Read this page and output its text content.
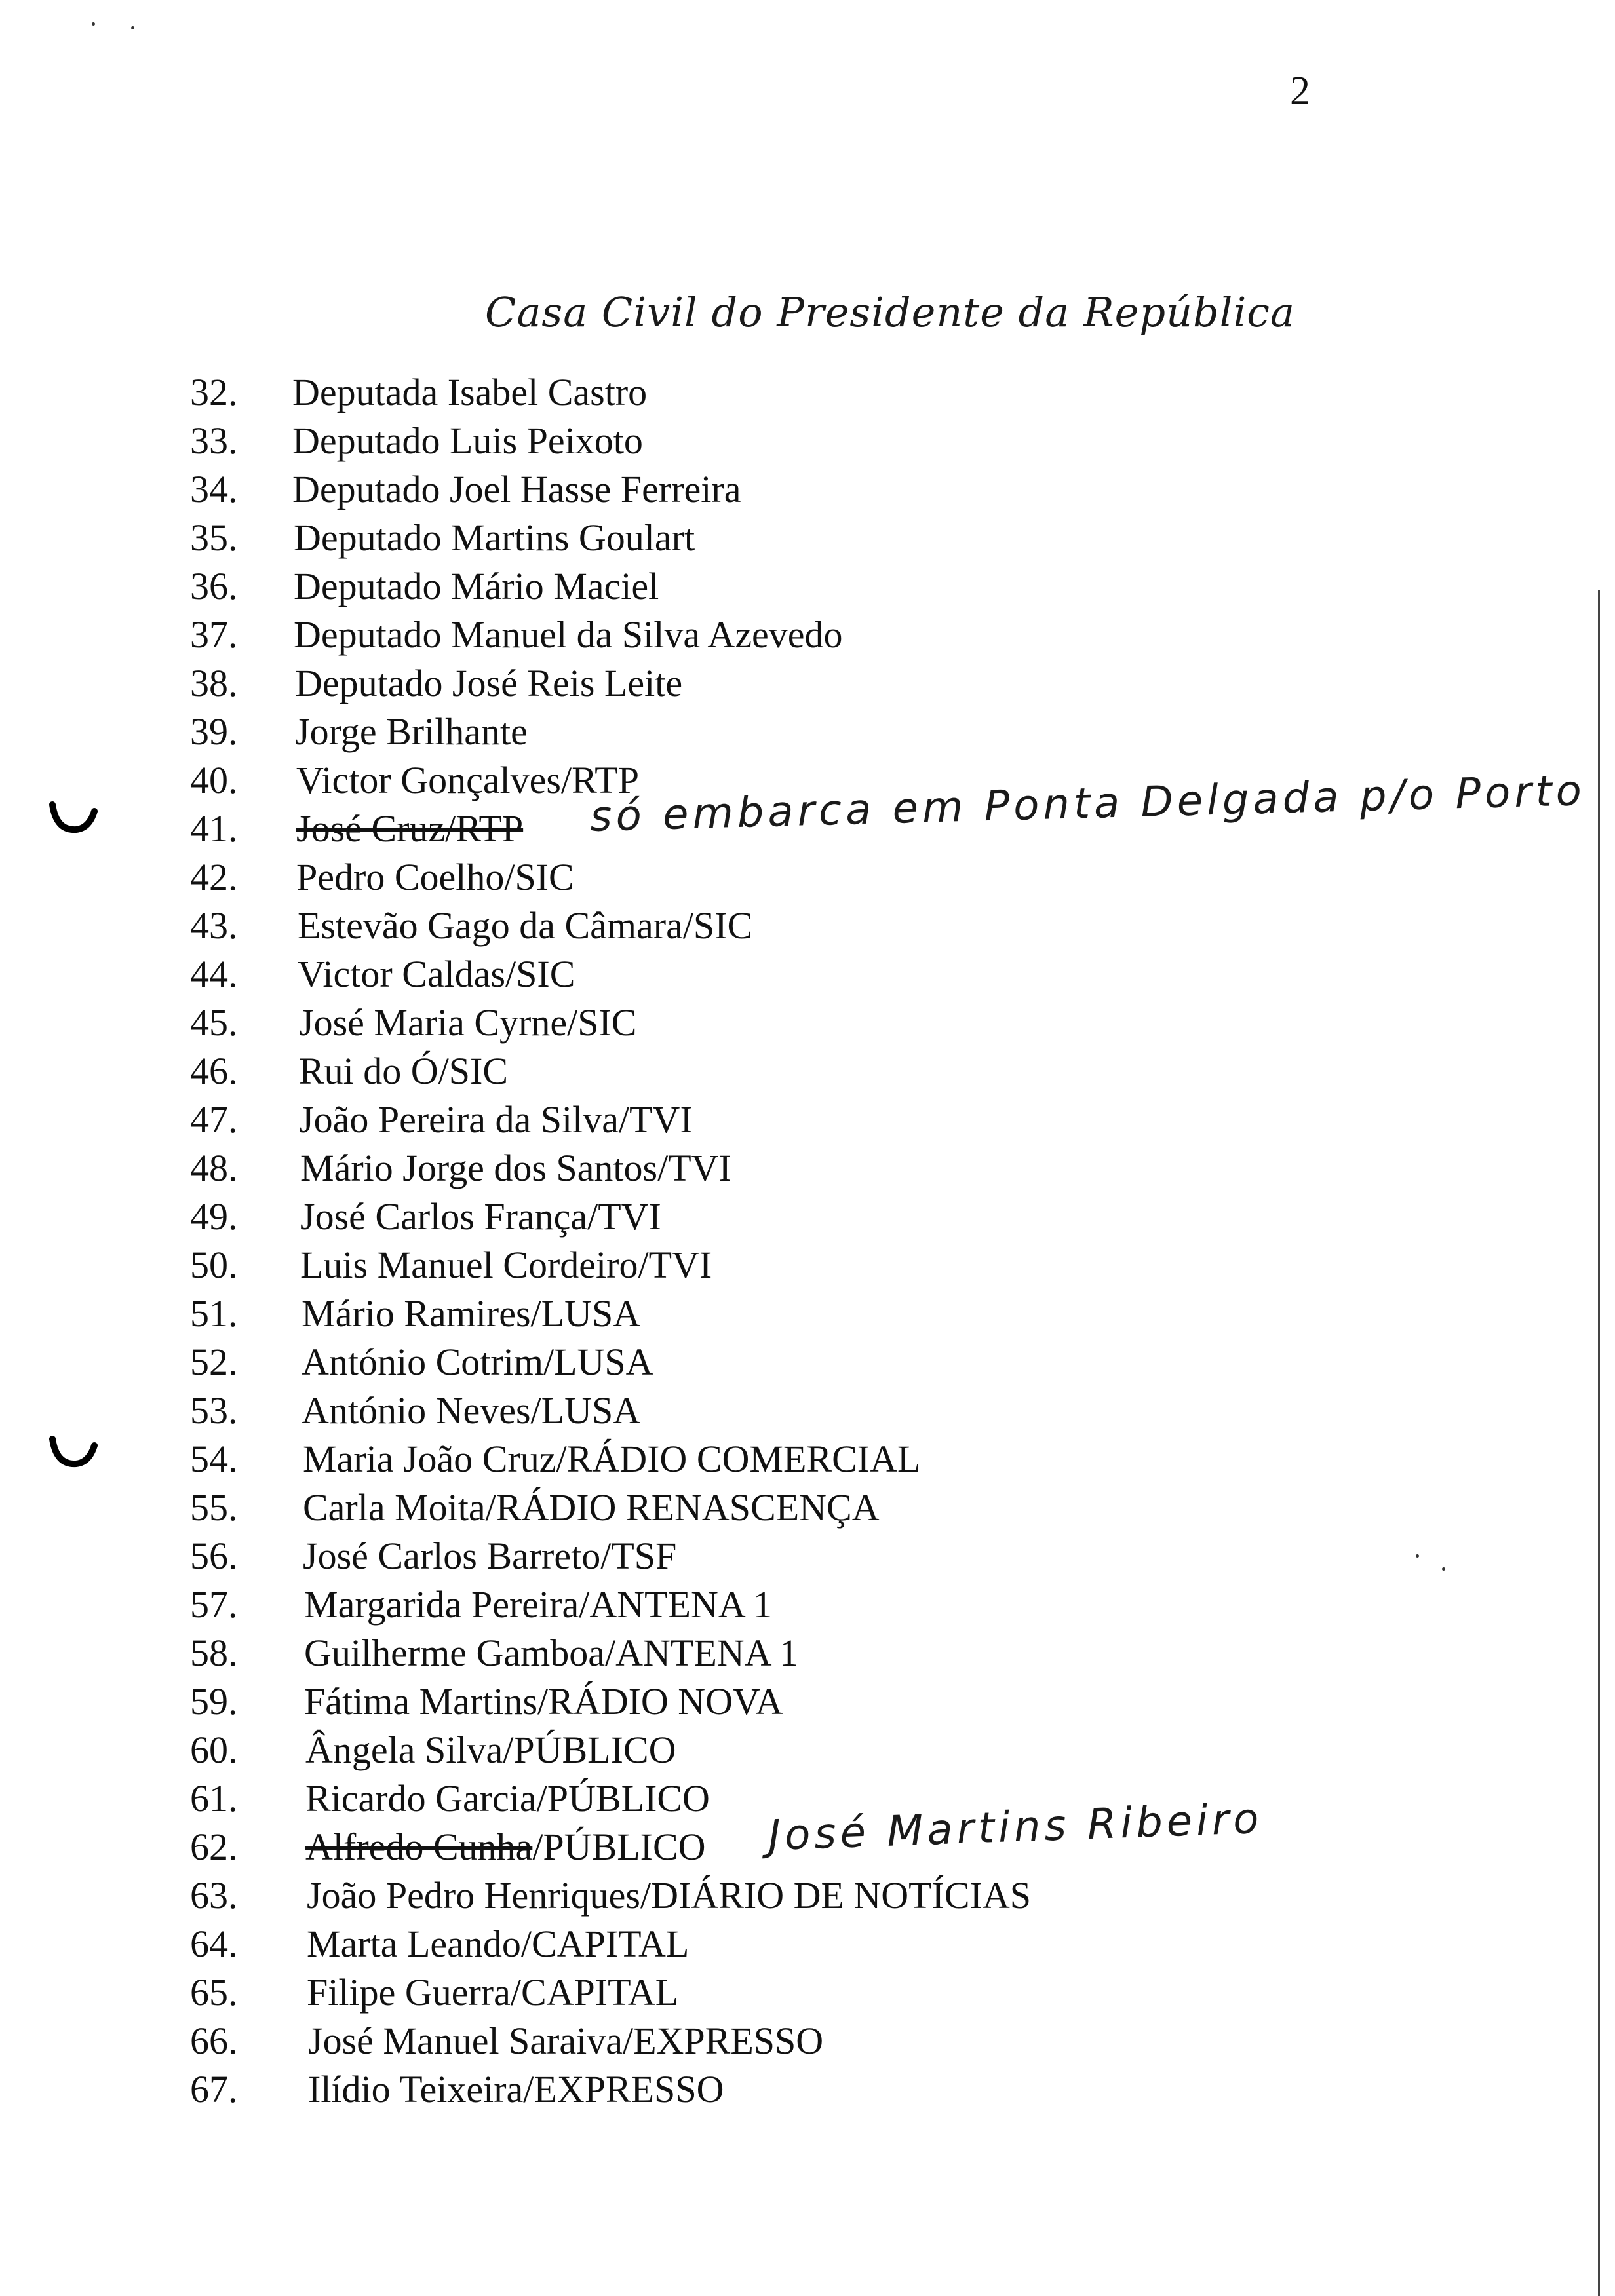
2
Casa Civil do Presidente da República
32. Deputada Isabel Castro
33. Deputado Luis Peixoto
34. Deputado Joel Hasse Ferreira
35. Deputado Martins Goulart
36. Deputado Mário Maciel
37. Deputado Manuel da Silva Azevedo
38. Deputado José Reis Leite
39. Jorge Brilhante
40. Victor Gonçalves/RTP
41. José Cruz/RTP
42. Pedro Coelho/SIC
43. Estevão Gago da Câmara/SIC
44. Victor Caldas/SIC
45. José Maria Cyrne/SIC
46. Rui do Ó/SIC
47. João Pereira da Silva/TVI
48. Mário Jorge dos Santos/TVI
49. José Carlos França/TVI
50. Luis Manuel Cordeiro/TVI
51. Mário Ramires/LUSA
52. António Cotrim/LUSA
53. António Neves/LUSA
54. Maria João Cruz/RÁDIO COMERCIAL
55. Carla Moita/RÁDIO RENASCENÇA
56. José Carlos Barreto/TSF
57. Margarida Pereira/ANTENA 1
58. Guilherme Gamboa/ANTENA 1
59. Fátima Martins/RÁDIO NOVA
60. Ângela Silva/PÚBLICO
61. Ricardo Garcia/PÚBLICO
62. Alfredo Cunha/PÚBLICO
63. João Pedro Henriques/DIÁRIO DE NOTÍCIAS
64. Marta Leando/CAPITAL
65. Filipe Guerra/CAPITAL
66. José Manuel Saraiva/EXPRESSO
67. Ilídio Teixeira/EXPRESSO
só embarca em Ponta Delgada p/o Porto
José Martins Ribeiro
